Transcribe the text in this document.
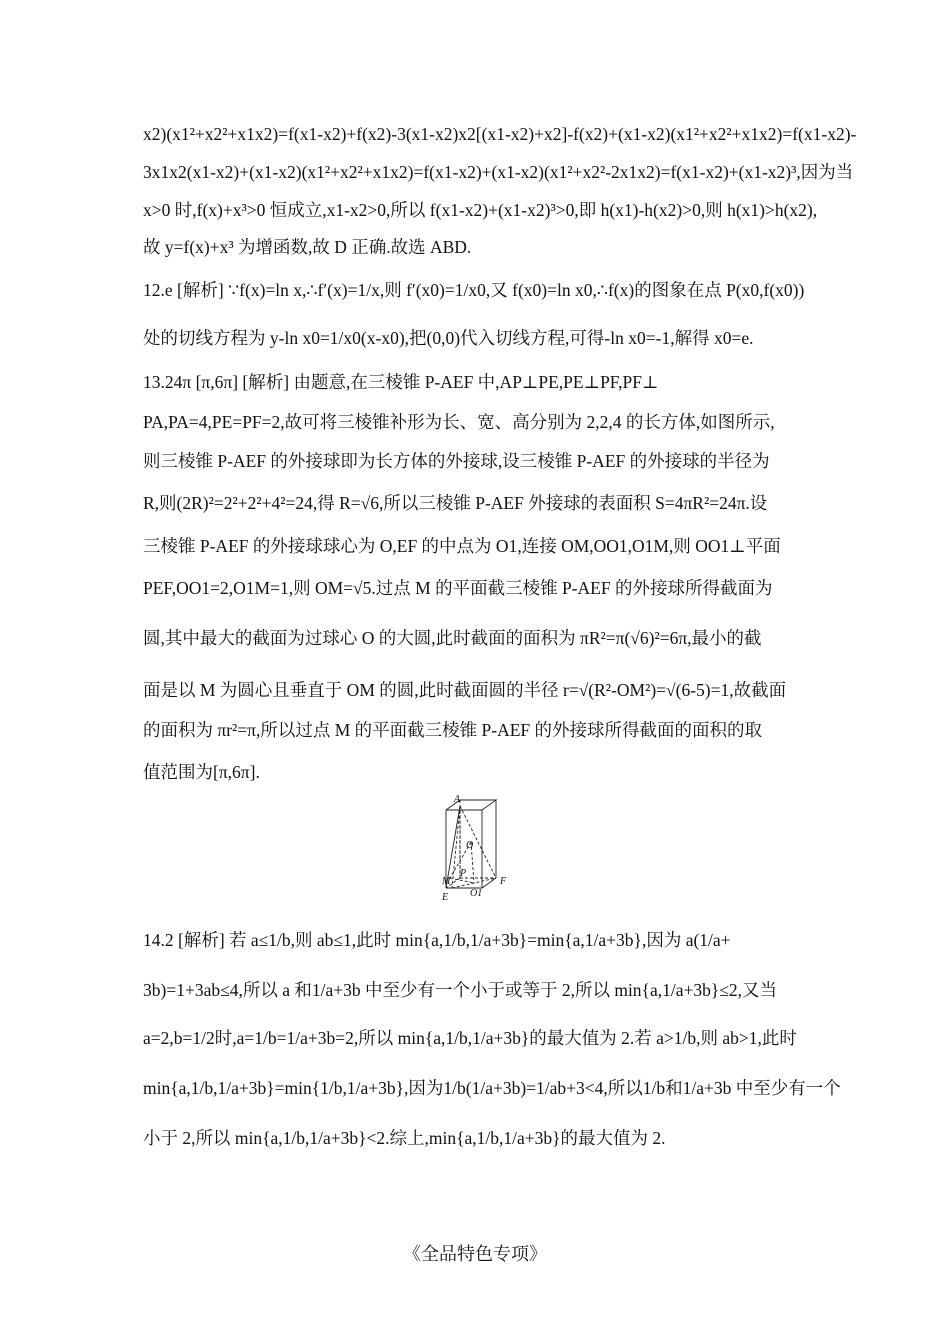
x2)(x1²+x2²+x1x2)=f(x1-x2)+f(x2)-3(x1-x2)x2[(x1-x2)+x2]-f(x2)+(x1-x2)(x1²+x2²+x1x2)=f(x1-x2)-
3x1x2(x1-x2)+(x1-x2)(x1²+x2²+x1x2)=f(x1-x2)+(x1-x2)(x1²+x2²-2x1x2)=f(x1-x2)+(x1-x2)³,因为当
x>0 时,f(x)+x³>0 恒成立,x1-x2>0,所以 f(x1-x2)+(x1-x2)³>0,即 h(x1)-h(x2)>0,则 h(x1)>h(x2),
故 y=f(x)+x³ 为增函数,故 D 正确.故选 ABD.
12.e [解析] ∵f(x)=ln x,∴f′(x)=1/x,则 f′(x0)=1/x0,又 f(x0)=ln x0,∴f(x)的图象在点 P(x0,f(x0))
处的切线方程为 y-ln x0=1/x0(x-x0),把(0,0)代入切线方程,可得-ln x0=-1,解得 x0=e.
13.24π [π,6π] [解析] 由题意,在三棱锥 P-AEF 中,AP⊥PE,PE⊥PF,PF⊥
PA,PA=4,PE=PF=2,故可将三棱锥补形为长、宽、高分别为 2,2,4 的长方体,如图所示,
则三棱锥 P-AEF 的外接球即为长方体的外接球,设三棱锥 P-AEF 的外接球的半径为
R,则(2R)²=2²+2²+4²=24,得 R=√6,所以三棱锥 P-AEF 外接球的表面积 S=4πR²=24π.设
三棱锥 P-AEF 的外接球球心为 O,EF 的中点为 O1,连接 OM,OO1,O1M,则 OO1⊥平面
PEF,OO1=2,O1M=1,则 OM=√5.过点 M 的平面截三棱锥 P-AEF 的外接球所得截面为
圆,其中最大的截面为过球心 O 的大圆,此时截面的面积为 πR²=π(√6)²=6π,最小的截
面是以 M 为圆心且垂直于 OM 的圆,此时截面圆的半径 r=√(R²-OM²)=√(6-5)=1,故截面
的面积为 πr²=π,所以过点 M 的平面截三棱锥 P-AEF 的外接球所得截面的面积的取
值范围为[π,6π].
A
O
P
M
E O1
F
14.2 [解析] 若 a≤1/b,则 ab≤1,此时 min{a,1/b,1/a+3b}=min{a,1/a+3b},因为 a(1/a+
3b)=1+3ab≤4,所以 a 和1/a+3b 中至少有一个小于或等于 2,所以 min{a,1/a+3b}≤2,又当
a=2,b=1/2时,a=1/b=1/a+3b=2,所以 min{a,1/b,1/a+3b}的最大值为 2.若 a>1/b,则 ab>1,此时
min{a,1/b,1/a+3b}=min{1/b,1/a+3b},因为1/b(1/a+3b)=1/ab+3<4,所以1/b和1/a+3b 中至少有一个
小于 2,所以 min{a,1/b,1/a+3b}<2.综上,min{a,1/b,1/a+3b}的最大值为 2.
《全品特色专项》
